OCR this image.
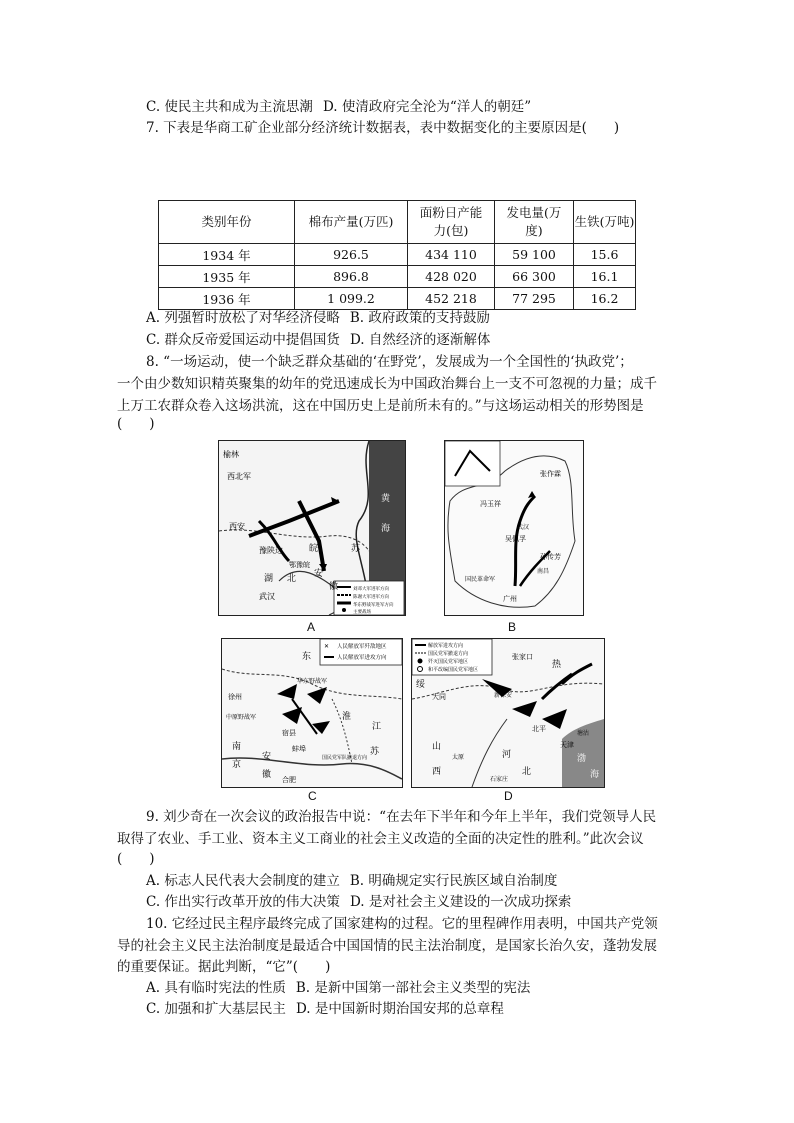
C. 使民主共和成为主流思潮 D. 使清政府完全沦为“洋人的朝廷”
7. 下表是华商工矿企业部分经济统计数据表，表中数据变化的主要原因是(　　)
类别年份	棉布产量(万匹)	面粉日产能力(包)	发电量(万度)	生铁(万吨)
1934 年	926.5	434 110	59 100	15.6
1935 年	896.8	428 020	66 300	16.1
1936 年	1 099.2	452 218	77 295	16.2
A. 列强暂时放松了对华经济侵略 B. 政府政策的支持鼓励
C. 群众反帝爱国运动中提倡国货 D. 自然经济的逐渐解体
8. “一场运动，使一个缺乏群众基础的‘在野党’，发展成为一个全国性的‘执政党’；
一个由少数知识精英聚集的幼年的党迅速成长为中国政治舞台上一支不可忽视的力量；成千
上万工农群众卷入这场洪流，这在中国历史上是前所未有的。”与这场运动相关的形势图是
(　　)
榆林
西北军
西安
豫陕边
湖 北
武汉
皖
安
徽
鄂豫皖
苏
黄
海
刘邓大军进军方向
陈谢大军进军方向
华东野战军进军方向
主要战场
A
张作霖
冯玉祥
吴佩孚
孙传芳
广州
武汉
南昌
国民革命军
B
✕ 人民解放军歼敌地区
人民解放军进攻方向
东
徐州
华东野战军
中原野战军
宿县
蚌埠
淮
江
苏
南
京
安
徽 合肥
国民党军队撤退方向
C
解放军进攻方向
国民党军撤退方向
歼灭国民党军地区
和平改编国民党军地区
张家口
新保安
大同
北平
天津
塘沽
山
西
河
北
绥
热
渤
海
太原
石家庄
D
9. 刘少奇在一次会议的政治报告中说：“在去年下半年和今年上半年，我们党领导人民
取得了农业、手工业、资本主义工商业的社会主义改造的全面的决定性的胜利。”此次会议
(　　)
A. 标志人民代表大会制度的建立 B. 明确规定实行民族区域自治制度
C. 作出实行改革开放的伟大决策 D. 是对社会主义建设的一次成功探索
10. 它经过民主程序最终完成了国家建构的过程。它的里程碑作用表明，中国共产党领
导的社会主义民主法治制度是最适合中国国情的民主法治制度，是国家长治久安，蓬勃发展
的重要保证。据此判断，“它”(　　)
A. 具有临时宪法的性质 B. 是新中国第一部社会主义类型的宪法
C. 加强和扩大基层民主 D. 是中国新时期治国安邦的总章程
